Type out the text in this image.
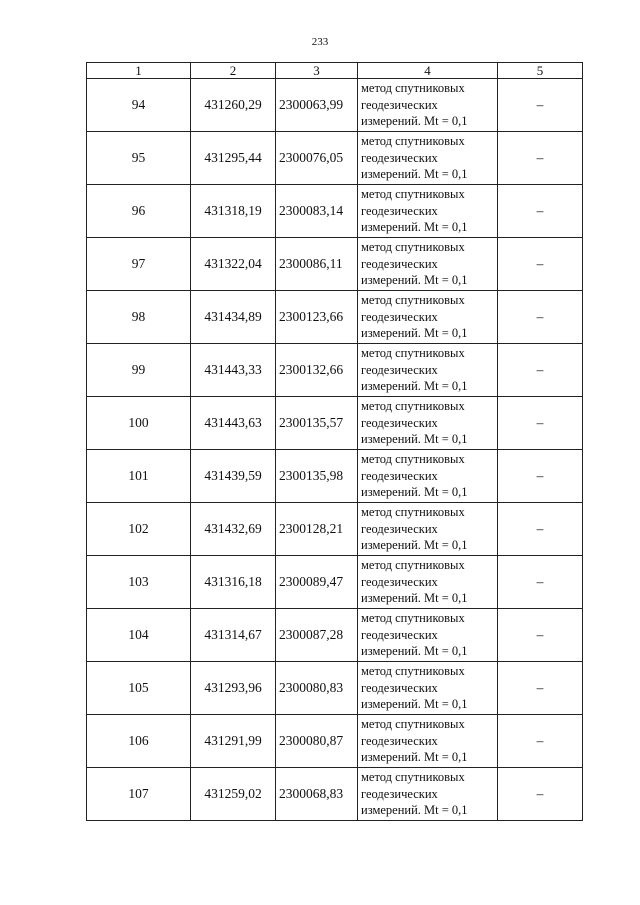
233
1	2	3	4	5
94	431260,29	2300063,99	метод спутниковых
геодезических
измерений. Mt = 0,1	–
95	431295,44	2300076,05	метод спутниковых
геодезических
измерений. Mt = 0,1	–
96	431318,19	2300083,14	метод спутниковых
геодезических
измерений. Mt = 0,1	–
97	431322,04	2300086,11	метод спутниковых
геодезических
измерений. Mt = 0,1	–
98	431434,89	2300123,66	метод спутниковых
геодезических
измерений. Mt = 0,1	–
99	431443,33	2300132,66	метод спутниковых
геодезических
измерений. Mt = 0,1	–
100	431443,63	2300135,57	метод спутниковых
геодезических
измерений. Mt = 0,1	–
101	431439,59	2300135,98	метод спутниковых
геодезических
измерений. Mt = 0,1	–
102	431432,69	2300128,21	метод спутниковых
геодезических
измерений. Mt = 0,1	–
103	431316,18	2300089,47	метод спутниковых
геодезических
измерений. Mt = 0,1	–
104	431314,67	2300087,28	метод спутниковых
геодезических
измерений. Mt = 0,1	–
105	431293,96	2300080,83	метод спутниковых
геодезических
измерений. Mt = 0,1	–
106	431291,99	2300080,87	метод спутниковых
геодезических
измерений. Mt = 0,1	–
107	431259,02	2300068,83	метод спутниковых
геодезических
измерений. Mt = 0,1	–
